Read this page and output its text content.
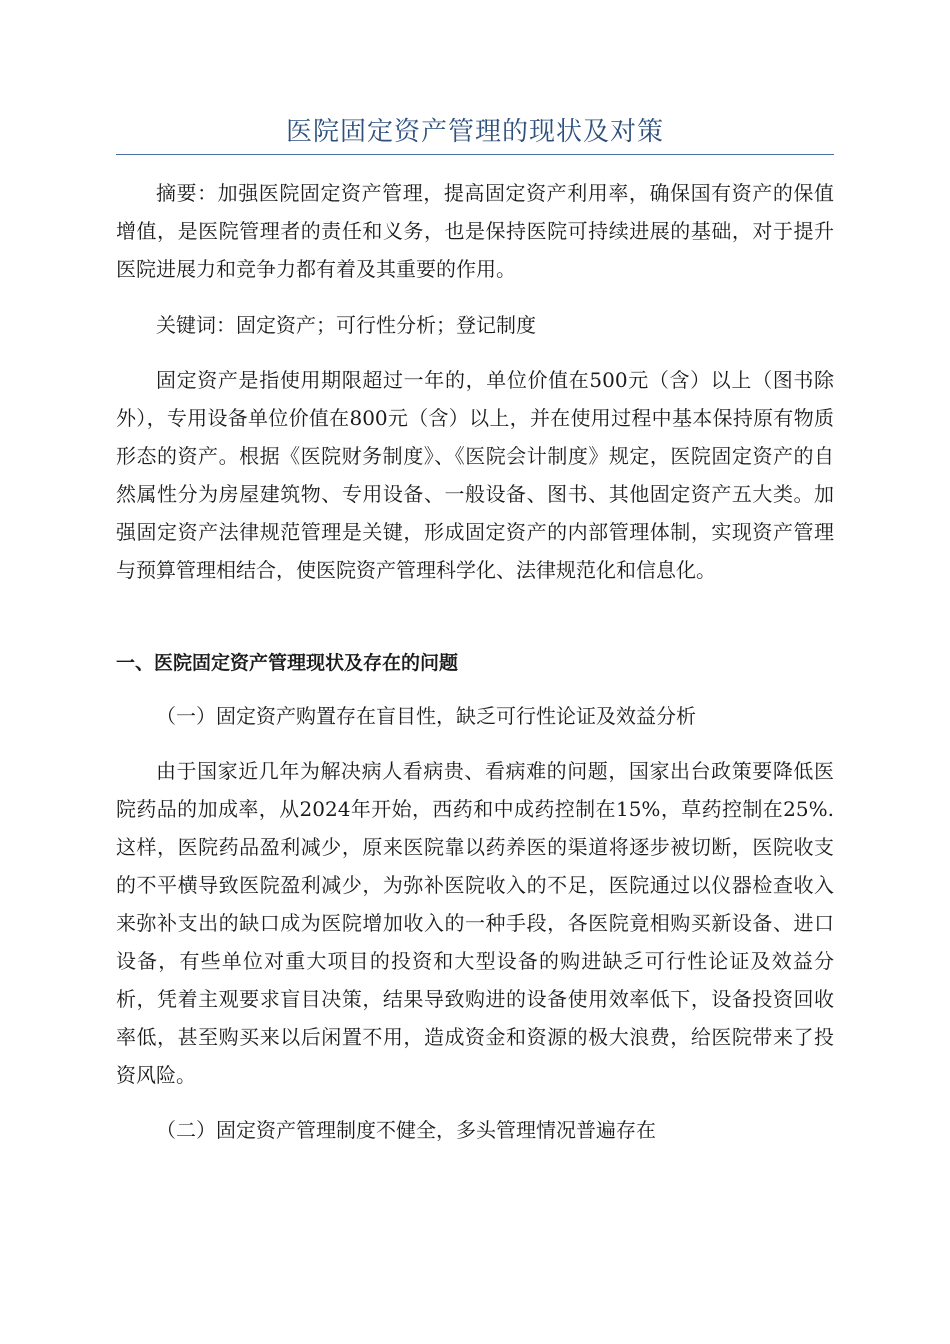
医院固定资产管理的现状及对策

摘要：加强医院固定资产管理，提高固定资产利用率，确保国有资产的保值增值，是医院管理者的责任和义务，也是保持医院可持续进展的基础，对于提升医院进展力和竞争力都有着及其重要的作用。

关键词：固定资产；可行性分析；登记制度

固定资产是指使用期限超过一年的，单位价值在500元（含）以上（图书除外），专用设备单位价值在800元（含）以上，并在使用过程中基本保持原有物质形态的资产。根据《医院财务制度》、《医院会计制度》规定，医院固定资产的自然属性分为房屋建筑物、专用设备、一般设备、图书、其他固定资产五大类。加强固定资产法律规范管理是关键，形成固定资产的内部管理体制，实现资产管理与预算管理相结合，使医院资产管理科学化、法律规范化和信息化。

一、医院固定资产管理现状及存在的问题

（一）固定资产购置存在盲目性，缺乏可行性论证及效益分析

由于国家近几年为解决病人看病贵、看病难的问题，国家出台政策要降低医院药品的加成率，从2024年开始，西药和中成药控制在15%，草药控制在25%.这样，医院药品盈利减少，原来医院靠以药养医的渠道将逐步被切断，医院收支的不平横导致医院盈利减少，为弥补医院收入的不足，医院通过以仪器检查收入来弥补支出的缺口成为医院增加收入的一种手段，各医院竟相购买新设备、进口设备，有些单位对重大项目的投资和大型设备的购进缺乏可行性论证及效益分析，凭着主观要求盲目决策，结果导致购进的设备使用效率低下，设备投资回收率低，甚至购买来以后闲置不用，造成资金和资源的极大浪费，给医院带来了投资风险。

（二）固定资产管理制度不健全，多头管理情况普遍存在
